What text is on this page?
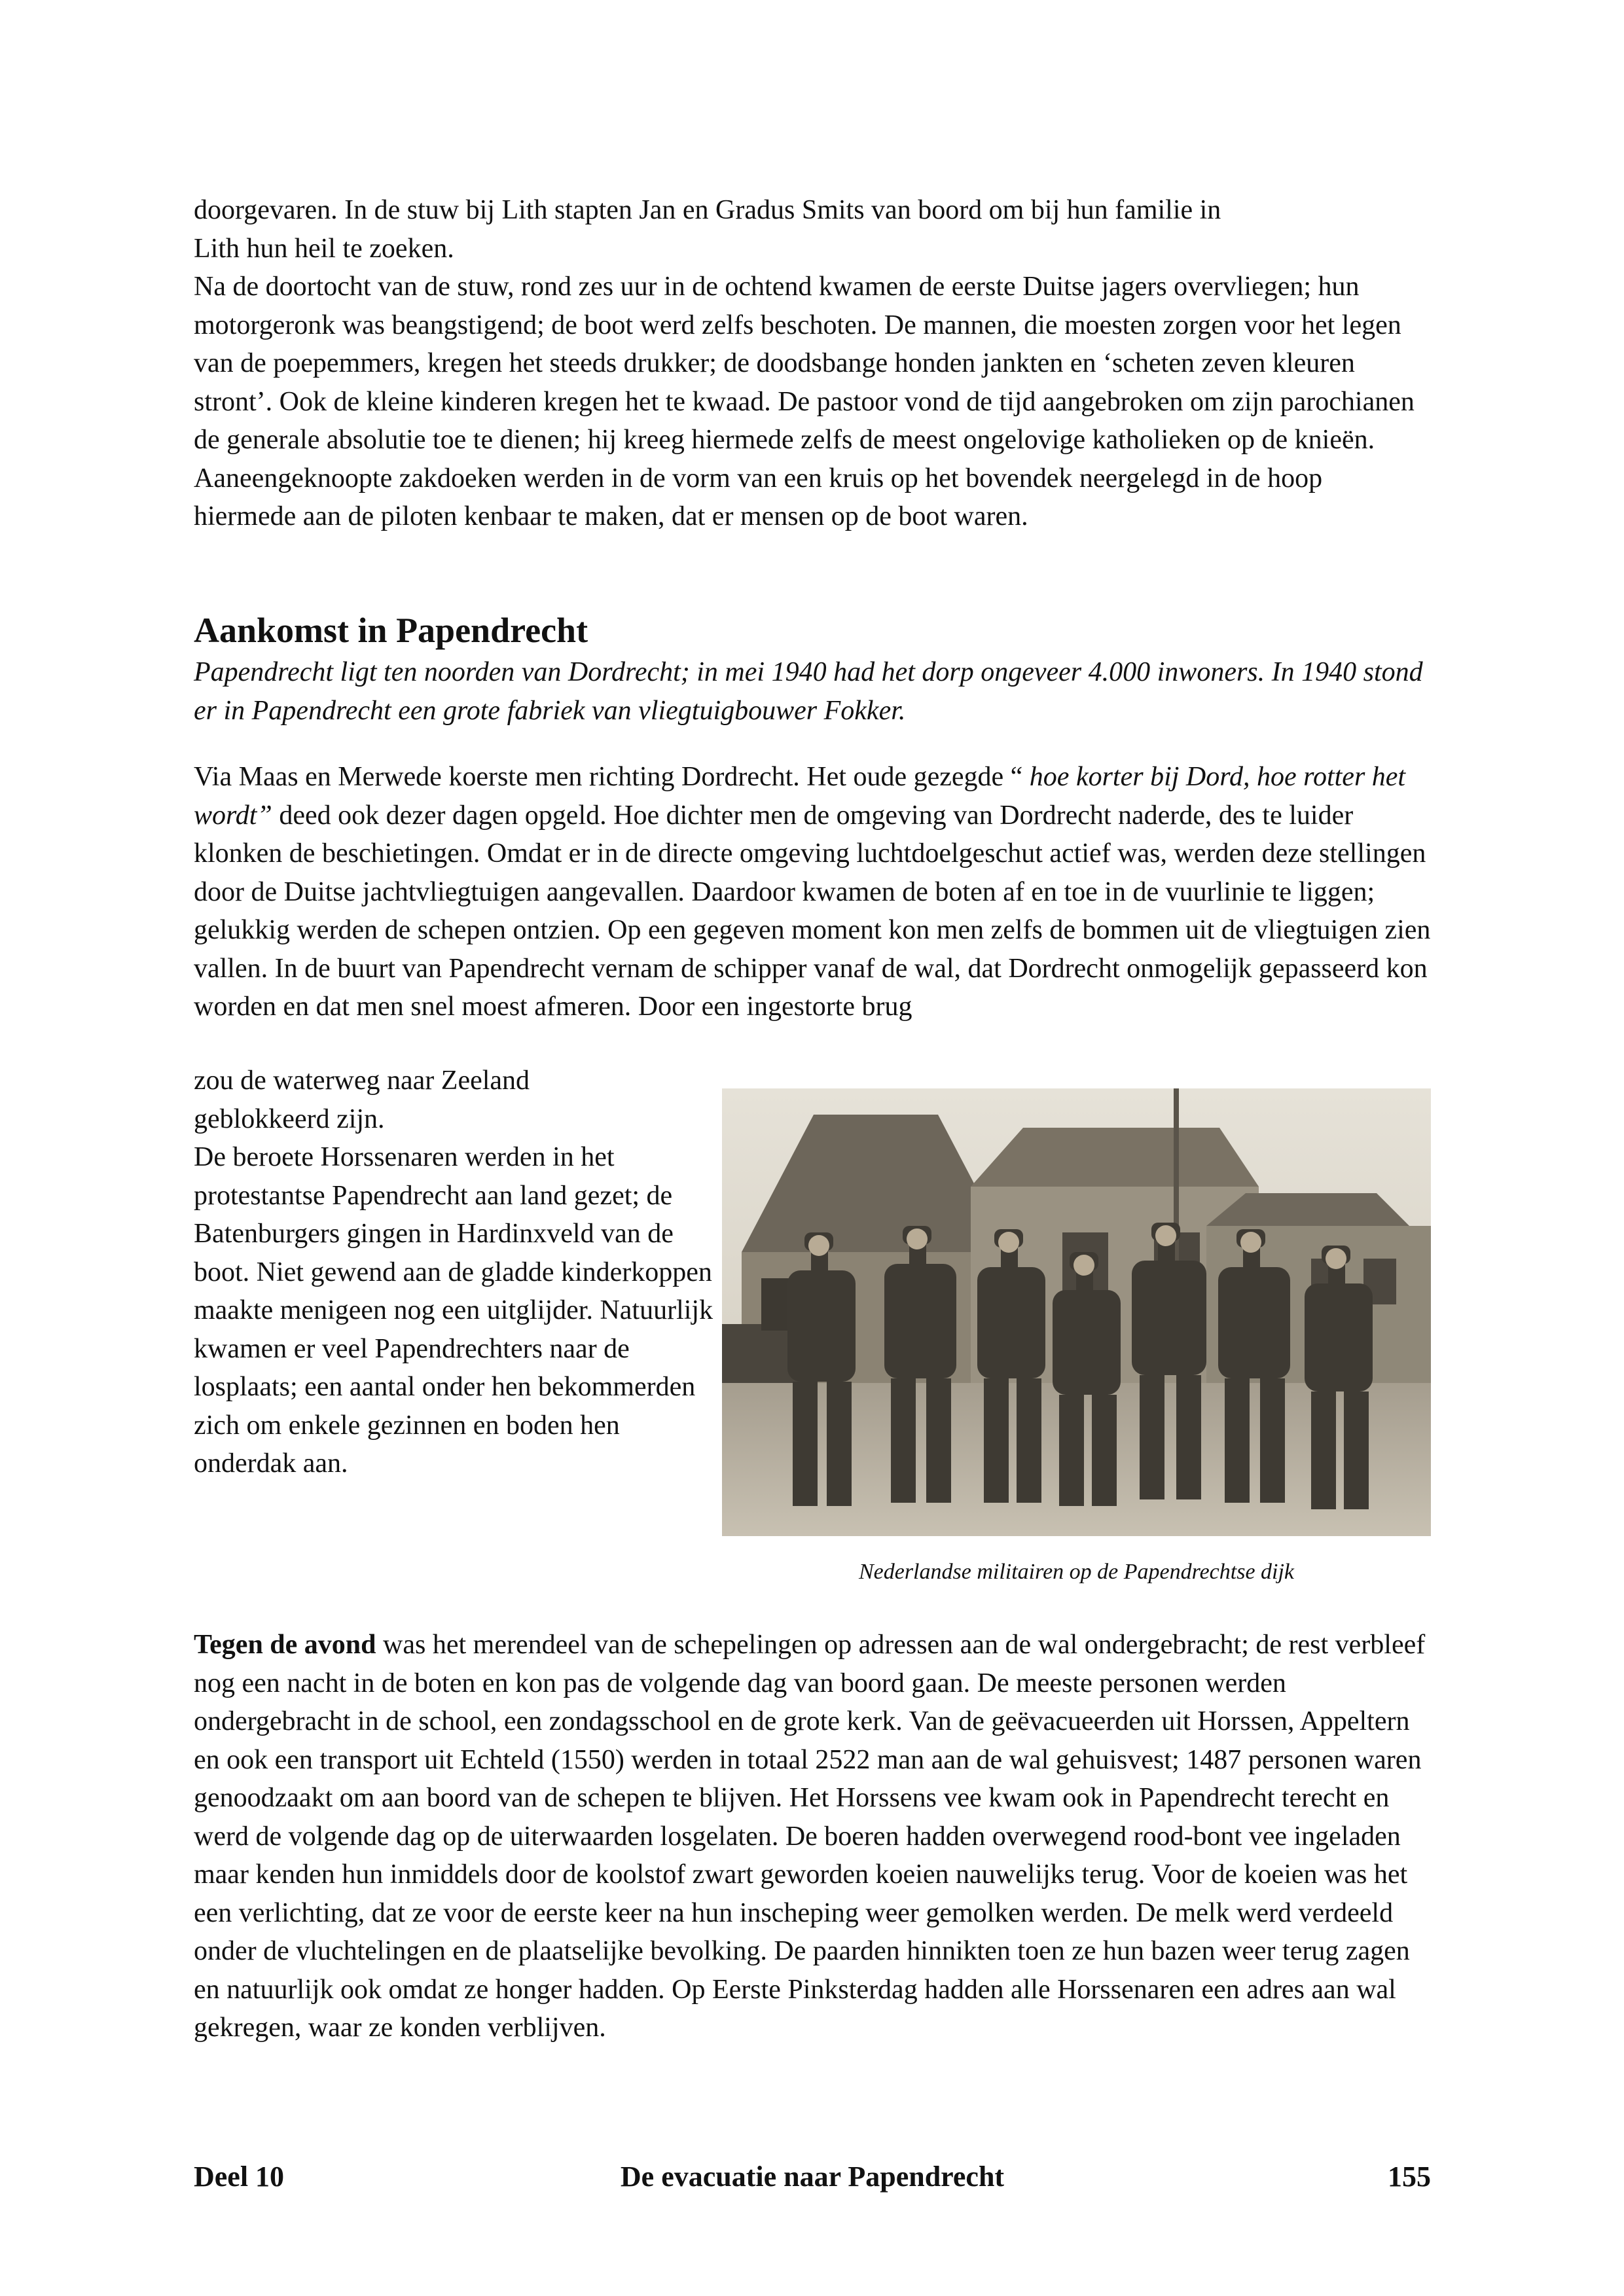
doorgevaren. In de stuw bij Lith stapten Jan en Gradus Smits van boord om bij hun familie in

Lith hun heil te zoeken.

Na de doortocht van de stuw, rond zes uur in de ochtend kwamen de eerste Duitse jagers overvliegen; hun motorgeronk was beangstigend; de boot werd zelfs beschoten. De mannen, die moesten zorgen voor het legen van de poepemmers, kregen het steeds drukker; de doodsbange honden jankten en ‘scheten zeven kleuren stront’. Ook de kleine kinderen kregen het te kwaad. De pastoor vond de tijd aangebroken om zijn parochianen de generale absolutie toe te dienen; hij kreeg hiermede zelfs de meest ongelovige katholieken op de knieën. Aaneengeknoopte zakdoeken werden in de vorm van een kruis op het bovendek neergelegd in de hoop hiermede aan de piloten kenbaar te maken, dat er mensen op de boot waren.

Aankomst in Papendrecht

Papendrecht ligt ten noorden van Dordrecht; in mei 1940 had het dorp ongeveer 4.000 inwoners. In 1940 stond er in Papendrecht een grote fabriek van vliegtuigbouwer Fokker.

Via Maas en Merwede koerste men richting Dordrecht. Het oude gezegde “ hoe korter bij Dord, hoe rotter het wordt” deed ook dezer dagen opgeld. Hoe dichter men de omgeving van Dordrecht naderde, des te luider klonken de beschietingen. Omdat er in de directe omgeving luchtdoelgeschut actief was, werden deze stellingen door de Duitse jachtvliegtuigen aangevallen. Daardoor kwamen de boten af en toe in de vuurlinie te liggen; gelukkig werden de schepen ontzien. Op een gegeven moment kon men zelfs de bommen uit de vliegtuigen zien vallen. In de buurt van Papendrecht vernam de schipper vanaf de wal, dat Dordrecht onmogelijk gepasseerd kon worden en dat men snel moest afmeren. Door een ingestorte brug

zou de waterweg naar Zeeland
geblokkeerd zijn.
De beroete Horssenaren werden in het protestantse Papendrecht aan land gezet; de Batenburgers gingen in Hardinxveld van de boot. Niet gewend aan de gladde kinderkoppen maakte menigeen nog een uitglijder. Natuurlijk kwamen er veel Papendrechters naar de losplaats; een aantal onder hen bekommerden zich om enkele gezinnen en boden hen onderdak aan.

Nederlandse militairen op de Papendrechtse dijk

Tegen de avond was het merendeel van de schepelingen op adressen aan de wal ondergebracht; de rest verbleef nog een nacht in de boten en kon pas de volgende dag van boord gaan. De meeste personen werden ondergebracht in de school, een zondagsschool en de grote kerk. Van de geëvacueerden uit Horssen, Appeltern en ook een transport uit Echteld (1550) werden in totaal 2522 man aan de wal gehuisvest; 1487 personen waren genoodzaakt om aan boord van de schepen te blijven. Het Horssens vee kwam ook in Papendrecht terecht en werd de volgende dag op de uiterwaarden losgelaten. De boeren hadden overwegend rood-bont vee ingeladen maar kenden hun inmiddels door de koolstof zwart geworden koeien nauwelijks terug. Voor de koeien was het een verlichting, dat ze voor de eerste keer na hun inscheping weer gemolken werden. De melk werd verdeeld onder de vluchtelingen en de plaatselijke bevolking. De paarden hinnikten toen ze hun bazen weer terug zagen en natuurlijk ook omdat ze honger hadden. Op Eerste Pinksterdag hadden alle Horssenaren een adres aan wal gekregen, waar ze konden verblijven.

Deel 10	De evacuatie naar Papendrecht	155
